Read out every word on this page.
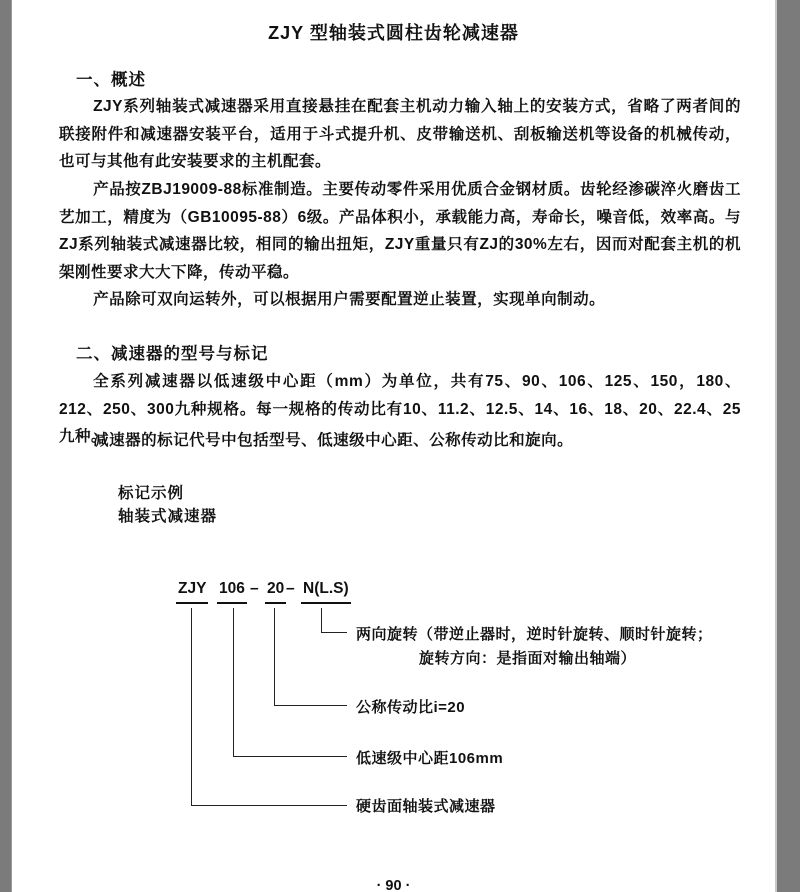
ZJY 型轴装式圆柱齿轮减速器
一、概述
ZJY系列轴装式减速器采用直接悬挂在配套主机动力输入轴上的安装方式，省略了两者间的联接附件和减速器安装平台，适用于斗式提升机、皮带输送机、刮板输送机等设备的机械传动，也可与其他有此安装要求的主机配套。
产品按ZBJ19009-88标准制造。主要传动零件采用优质合金钢材质。齿轮经渗碳淬火磨齿工艺加工，精度为（GB10095-88）6级。产品体积小，承载能力高，寿命长，噪音低，效率高。与ZJ系列轴装式减速器比较，相同的输出扭矩，ZJY重量只有ZJ的30%左右，因而对配套主机的机架刚性要求大大下降，传动平稳。
产品除可双向运转外，可以根据用户需要配置逆止装置，实现单向制动。
二、减速器的型号与标记
全系列减速器以低速级中心距（mm）为单位，共有75、90、106、125、150，180、212、250、300九种规格。每一规格的传动比有10、11.2、12.5、14、16、18、20、22.4、25九种。
减速器的标记代号中包括型号、低速级中心距、公称传动比和旋向。
标记示例
轴装式减速器
ZJY 106 – 20 – N(L.S)
两向旋转（带逆止器时，逆时针旋转、顺时针旋转；
旋转方向：是指面对输出轴端）
公称传动比i=20
低速级中心距106mm
硬齿面轴装式减速器
· 90 ·
